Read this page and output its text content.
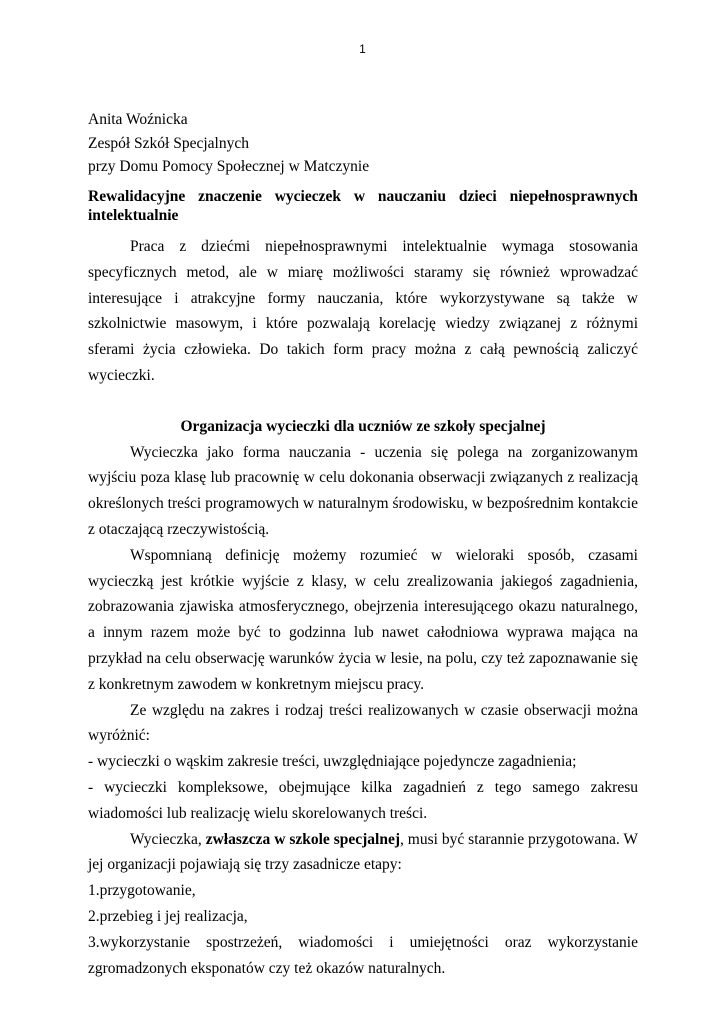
1
Anita Woźnicka
Zespół Szkół Specjalnych
przy Domu Pomocy Społecznej w Matczynie
Rewalidacyjne znaczenie wycieczek w nauczaniu dzieci niepełnosprawnych
intelektualnie

Praca z dziećmi niepełnosprawnymi intelektualnie wymaga stosowania specyficznych metod, ale w miarę możliwości staramy się również wprowadzać interesujące i atrakcyjne formy nauczania, które wykorzystywane są także w szkolnictwie masowym, i które pozwalają korelację wiedzy związanej z różnymi sferami życia człowieka. Do takich form pracy można z całą pewnością zaliczyć wycieczki.

Organizacja wycieczki dla uczniów ze szkoły specjalnej

Wycieczka jako forma nauczania - uczenia się polega na zorganizowanym wyjściu poza klasę lub pracownię w celu dokonania obserwacji związanych z realizacją określonych treści programowych w naturalnym środowisku, w bezpośrednim kontakcie z otaczającą rzeczywistością.

Wspomnianą definicję możemy rozumieć w wieloraki sposób, czasami wycieczką jest krótkie wyjście z klasy, w celu zrealizowania jakiegoś zagadnienia, zobrazowania zjawiska atmosferycznego, obejrzenia interesującego okazu naturalnego, a innym razem może być to godzinna lub nawet całodniowa wyprawa mająca na przykład na celu obserwację warunków życia w lesie, na polu, czy też zapoznawanie się z konkretnym zawodem w konkretnym miejscu pracy.

Ze względu na zakres i rodzaj treści realizowanych w czasie obserwacji można wyróżnić:

- wycieczki o wąskim zakresie treści, uwzględniające pojedyncze zagadnienia;

- wycieczki kompleksowe, obejmujące kilka zagadnień z tego samego zakresu wiadomości lub realizację wielu skorelowanych treści.

Wycieczka, zwłaszcza w szkole specjalnej, musi być starannie przygotowana. W jej organizacji pojawiają się trzy zasadnicze etapy:

1.przygotowanie,

2.przebieg i jej realizacja,

3.wykorzystanie spostrzeżeń, wiadomości i umiejętności oraz wykorzystanie zgromadzonych eksponatów czy też okazów naturalnych.
